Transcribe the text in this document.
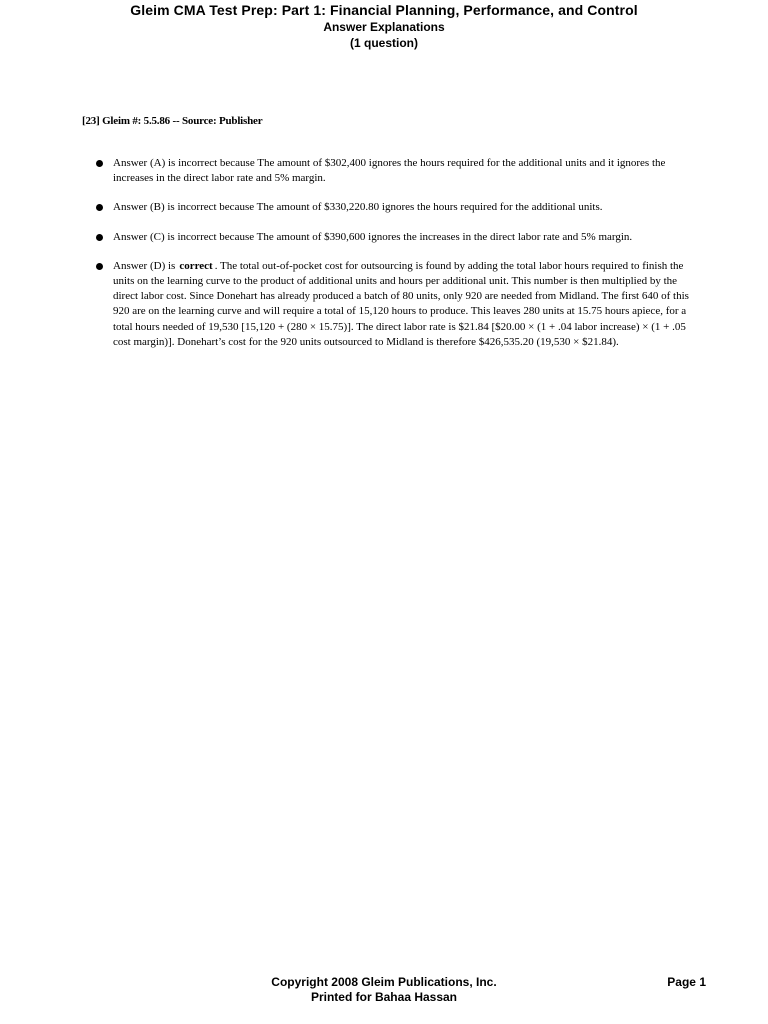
Gleim CMA Test Prep: Part 1: Financial Planning, Performance, and Control
Answer Explanations
(1 question)
[23] Gleim #: 5.5.86 -- Source: Publisher
Answer (A) is incorrect because The amount of $302,400 ignores the hours required for the additional units and it ignores the increases in the direct labor rate and 5% margin.
Answer (B) is incorrect because The amount of $330,220.80 ignores the hours required for the additional units.
Answer (C) is incorrect because The amount of $390,600 ignores the increases in the direct labor rate and 5% margin.
Answer (D) is correct . The total out-of-pocket cost for outsourcing is found by adding the total labor hours required to finish the units on the learning curve to the product of additional units and hours per additional unit. This number is then multiplied by the direct labor cost. Since Donehart has already produced a batch of 80 units, only 920 are needed from Midland. The first 640 of this 920 are on the learning curve and will require a total of 15,120 hours to produce. This leaves 280 units at 15.75 hours apiece, for a total hours needed of 19,530 [15,120 + (280 × 15.75)]. The direct labor rate is $21.84 [$20.00 × (1 + .04 labor increase) × (1 + .05 cost margin)]. Donehart’s cost for the 920 units outsourced to Midland is therefore $426,535.20 (19,530 × $21.84).
Copyright 2008 Gleim Publications, Inc.
Printed for Bahaa Hassan
Page 1
